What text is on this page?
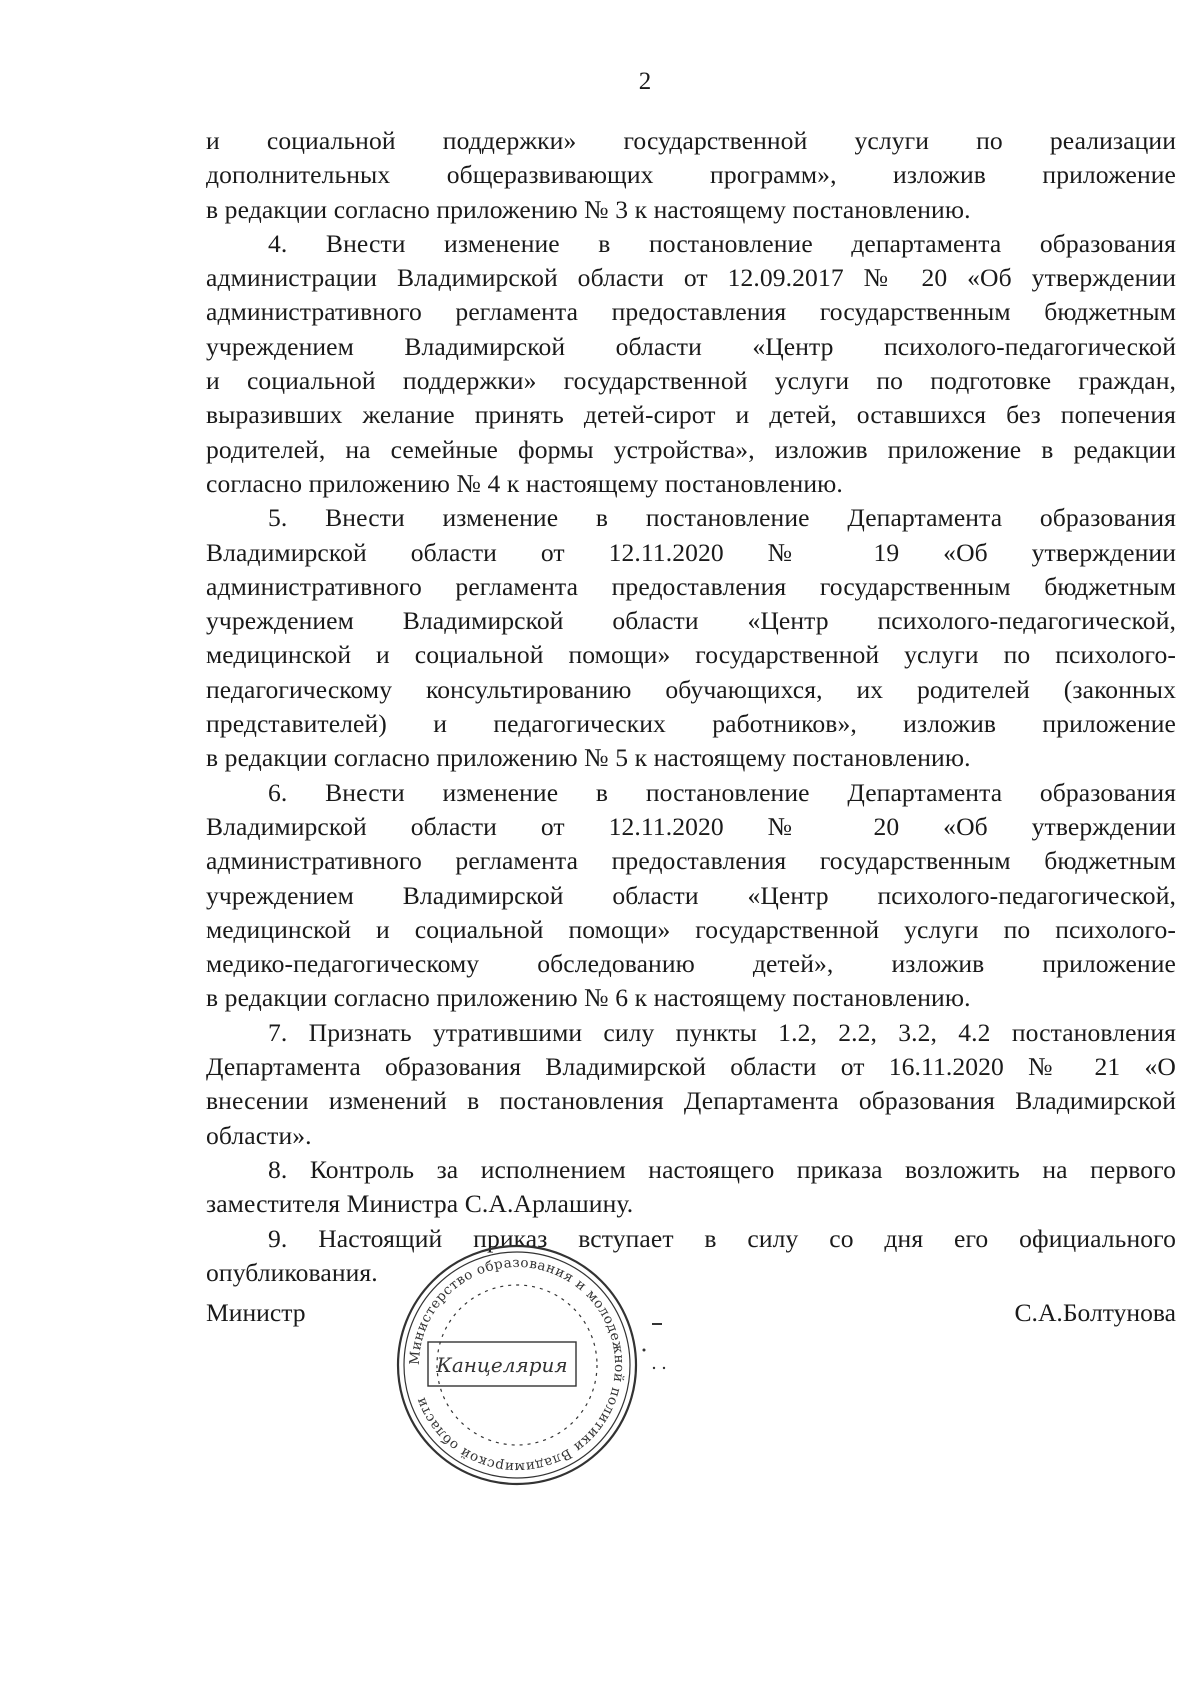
2
и социальной поддержки» государственной услуги по реализации
дополнительных общеразвивающих программ», изложив приложение
в редакции согласно приложению № 3 к настоящему постановлению.
4. Внести изменение в постановление департамента образования
администрации Владимирской области от 12.09.2017 № 20 «Об утверждении
административного регламента предоставления государственным бюджетным
учреждением Владимирской области «Центр психолого-педагогической
и социальной поддержки» государственной услуги по подготовке граждан,
выразивших желание принять детей-сирот и детей, оставшихся без попечения
родителей, на семейные формы устройства», изложив приложение в редакции
согласно приложению № 4 к настоящему постановлению.
5. Внести изменение в постановление Департамента образования
Владимирской области от 12.11.2020 № 19 «Об утверждении
административного регламента предоставления государственным бюджетным
учреждением Владимирской области «Центр психолого-педагогической,
медицинской и социальной помощи» государственной услуги по психолого-
педагогическому консультированию обучающихся, их родителей (законных
представителей) и педагогических работников», изложив приложение
в редакции согласно приложению № 5 к настоящему постановлению.
6. Внести изменение в постановление Департамента образования
Владимирской области от 12.11.2020 № 20 «Об утверждении
административного регламента предоставления государственным бюджетным
учреждением Владимирской области «Центр психолого-педагогической,
медицинской и социальной помощи» государственной услуги по психолого-
медико-педагогическому обследованию детей», изложив приложение
в редакции согласно приложению № 6 к настоящему постановлению.
7. Признать утратившими силу пункты 1.2, 2.2, 3.2, 4.2 постановления
Департамента образования Владимирской области от 16.11.2020 № 21 «О
внесении изменений в постановления Департамента образования Владимирской
области».
8. Контроль за исполнением настоящего приказа возложить на первого
заместителя Министра С.А.Арлашину.
9. Настоящий приказ вступает в силу со дня его официального
опубликования.
Министр	С.А.Болтунова
Министерство образования и молодежной политики Владимирской области
Канцелярия
